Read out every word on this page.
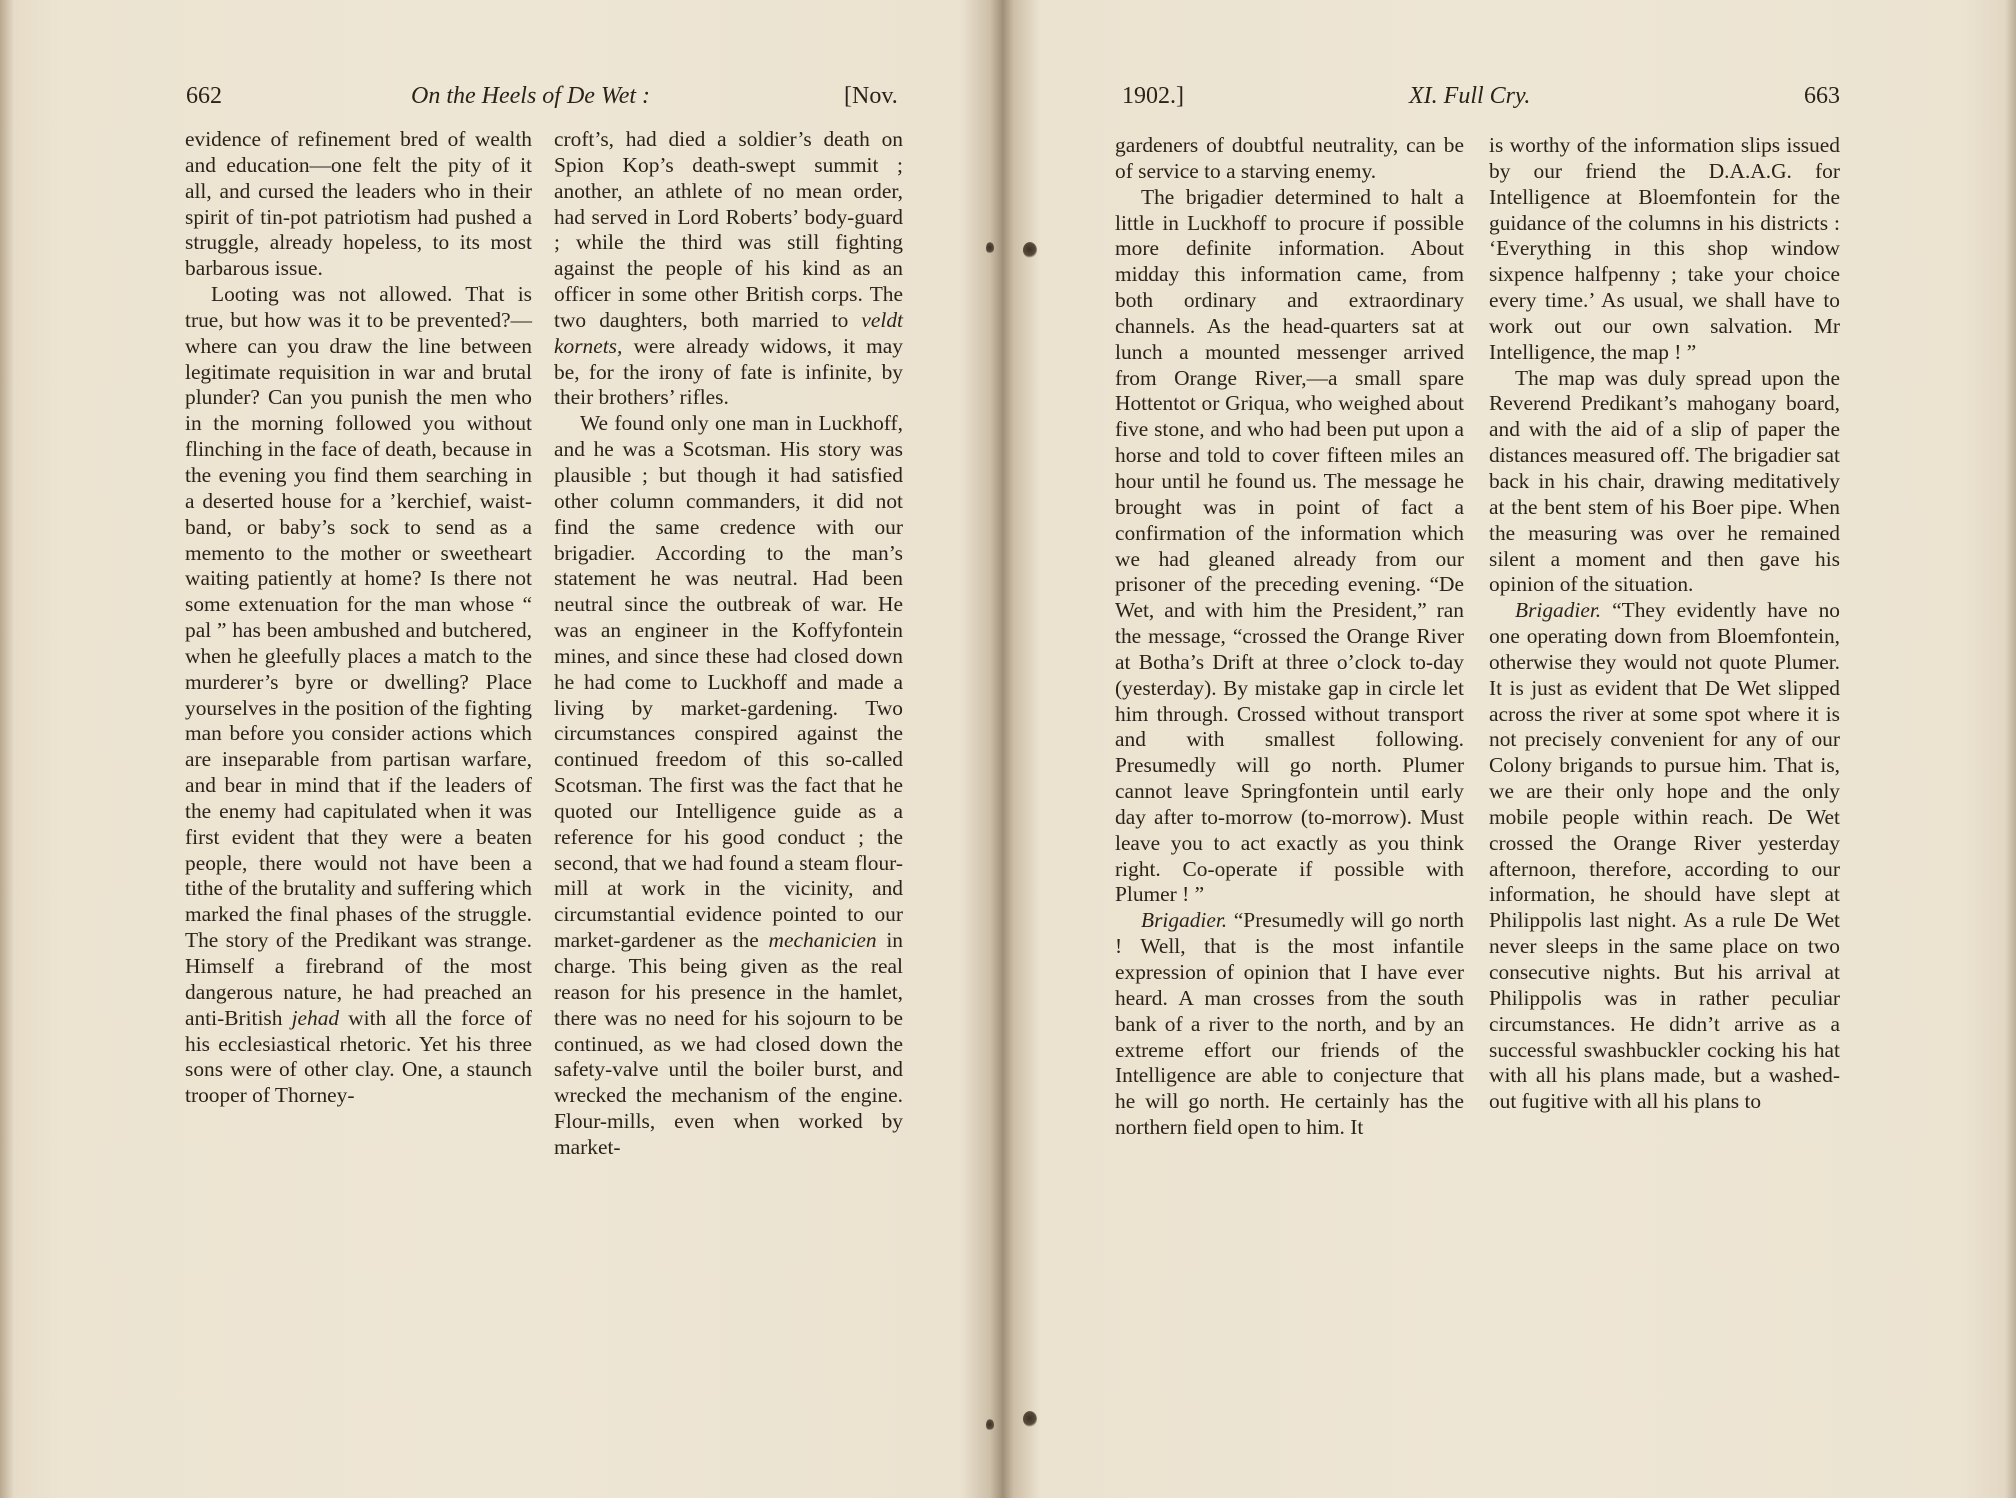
662	On the Heels of De Wet :	[Nov.

evidence of refinement bred of wealth and education—one felt the pity of it all, and cursed the leaders who in their spirit of tin-pot patriotism had pushed a struggle, already hopeless, to its most barbarous issue.

Looting was not allowed. That is true, but how was it to be prevented?—where can you draw the line between legitimate requisition in war and brutal plunder? Can you punish the men who in the morning followed you without flinching in the face of death, because in the evening you find them searching in a deserted house for a ’kerchief, waist-band, or baby’s sock to send as a memento to the mother or sweetheart waiting patiently at home? Is there not some extenuation for the man whose “ pal ” has been ambushed and butchered, when he gleefully places a match to the murderer’s byre or dwelling? Place yourselves in the position of the fighting man before you consider actions which are inseparable from partisan warfare, and bear in mind that if the leaders of the enemy had capitulated when it was first evident that they were a beaten people, there would not have been a tithe of the brutality and suffering which marked the final phases of the struggle. The story of the Predikant was strange. Himself a firebrand of the most dangerous nature, he had preached an anti-British jehad with all the force of his ecclesiastical rhetoric. Yet his three sons were of other clay. One, a staunch trooper of Thorney-

croft’s, had died a soldier’s death on Spion Kop’s death-swept summit ; another, an athlete of no mean order, had served in Lord Roberts’ body-guard ; while the third was still fighting against the people of his kind as an officer in some other British corps. The two daughters, both married to veldt kornets, were already widows, it may be, for the irony of fate is infinite, by their brothers’ rifles.

We found only one man in Luckhoff, and he was a Scotsman. His story was plausible ; but though it had satisfied other column commanders, it did not find the same credence with our brigadier. According to the man’s statement he was neutral. Had been neutral since the outbreak of war. He was an engineer in the Koffyfontein mines, and since these had closed down he had come to Luckhoff and made a living by market-gardening. Two circumstances conspired against the continued freedom of this so-called Scotsman. The first was the fact that he quoted our Intelligence guide as a reference for his good conduct ; the second, that we had found a steam flour-mill at work in the vicinity, and circumstantial evidence pointed to our market-gardener as the mechanicien in charge. This being given as the real reason for his presence in the hamlet, there was no need for his sojourn to be continued, as we had closed down the safety-valve until the boiler burst, and wrecked the mechanism of the engine. Flour-mills, even when worked by market-

1902.]	XI. Full Cry.	663

gardeners of doubtful neutrality, can be of service to a starving enemy.

The brigadier determined to halt a little in Luckhoff to procure if possible more definite information. About midday this information came, from both ordinary and extraordinary channels. As the head-quarters sat at lunch a mounted messenger arrived from Orange River,—a small spare Hottentot or Griqua, who weighed about five stone, and who had been put upon a horse and told to cover fifteen miles an hour until he found us. The message he brought was in point of fact a confirmation of the information which we had gleaned already from our prisoner of the preceding evening. “De Wet, and with him the President,” ran the message, “crossed the Orange River at Botha’s Drift at three o’clock to-day (yesterday). By mistake gap in circle let him through. Crossed without transport and with smallest following. Presumedly will go north. Plumer cannot leave Springfontein until early day after to-morrow (to-morrow). Must leave you to act exactly as you think right. Co-operate if possible with Plumer ! ”

Brigadier. “Presumedly will go north ! Well, that is the most infantile expression of opinion that I have ever heard. A man crosses from the south bank of a river to the north, and by an extreme effort our friends of the Intelligence are able to conjecture that he will go north. He certainly has the northern field open to him. It

is worthy of the information slips issued by our friend the D.A.A.G. for Intelligence at Bloemfontein for the guidance of the columns in his districts : ‘Everything in this shop window sixpence halfpenny ; take your choice every time.’ As usual, we shall have to work out our own salvation. Mr Intelligence, the map ! ”

The map was duly spread upon the Reverend Predikant’s mahogany board, and with the aid of a slip of paper the distances measured off. The brigadier sat back in his chair, drawing meditatively at the bent stem of his Boer pipe. When the measuring was over he remained silent a moment and then gave his opinion of the situation.

Brigadier. “They evidently have no one operating down from Bloemfontein, otherwise they would not quote Plumer. It is just as evident that De Wet slipped across the river at some spot where it is not precisely convenient for any of our Colony brigands to pursue him. That is, we are their only hope and the only mobile people within reach. De Wet crossed the Orange River yesterday afternoon, therefore, according to our information, he should have slept at Philippolis last night. As a rule De Wet never sleeps in the same place on two consecutive nights. But his arrival at Philippolis was in rather peculiar circumstances. He didn’t arrive as a successful swashbuckler cocking his hat with all his plans made, but a washed-out fugitive with all his plans to
